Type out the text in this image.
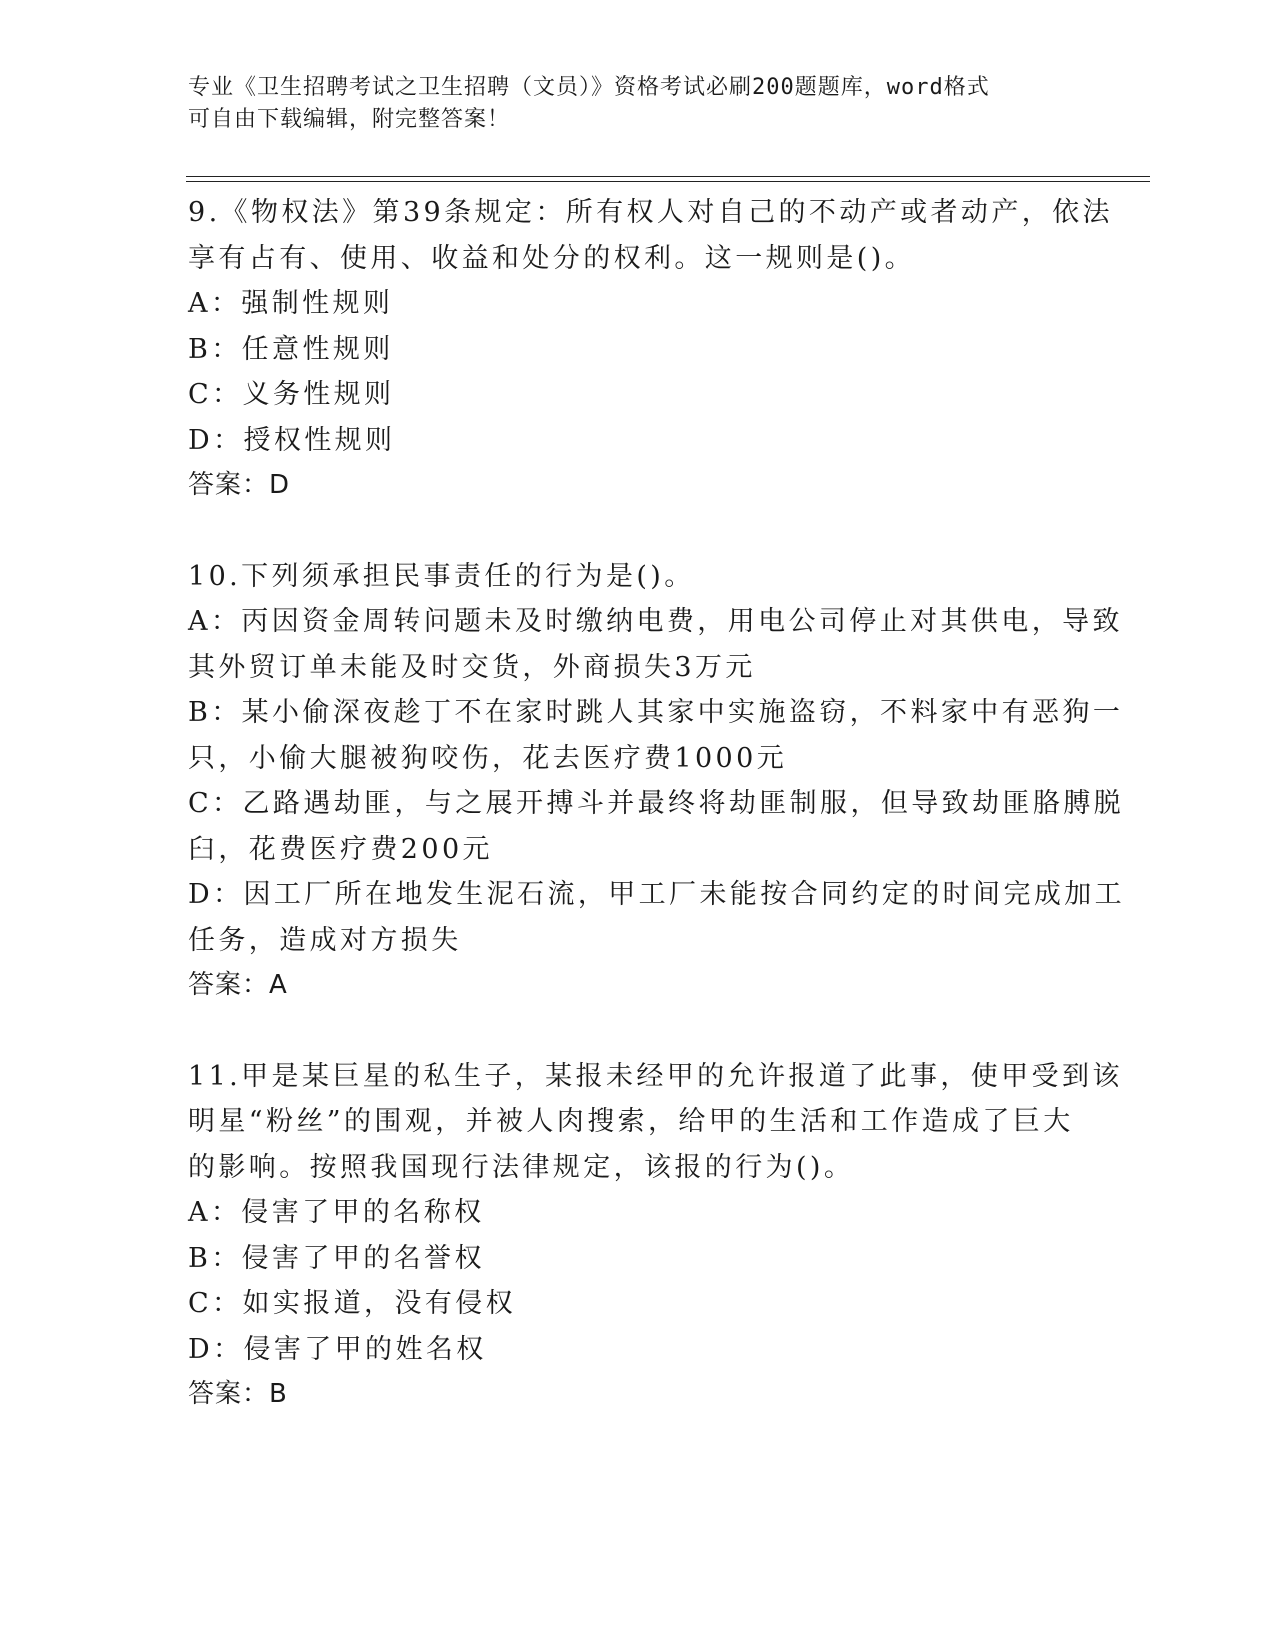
专业《卫生招聘考试之卫生招聘（文员）》资格考试必刷200题题库，word格式
可自由下载编辑，附完整答案！
9.《物权法》第39条规定：所有权人对自己的不动产或者动产，依法
享有占有、使用、收益和处分的权利。这一规则是()。
A：强制性规则
B：任意性规则
C：义务性规则
D：授权性规则
答案：D
10.下列须承担民事责任的行为是()。
A：丙因资金周转问题未及时缴纳电费，用电公司停止对其供电，导致
其外贸订单未能及时交货，外商损失3万元
B：某小偷深夜趁丁不在家时跳人其家中实施盗窃，不料家中有恶狗一
只，小偷大腿被狗咬伤，花去医疗费1000元
C：乙路遇劫匪，与之展开搏斗并最终将劫匪制服，但导致劫匪胳膊脱
臼，花费医疗费200元
D：因工厂所在地发生泥石流，甲工厂未能按合同约定的时间完成加工
任务，造成对方损失
答案：A
11.甲是某巨星的私生子，某报未经甲的允许报道了此事，使甲受到该
明星“粉丝”的围观，并被人肉搜索，给甲的生活和工作造成了巨大
的影响。按照我国现行法律规定，该报的行为()。
A：侵害了甲的名称权
B：侵害了甲的名誉权
C：如实报道，没有侵权
D：侵害了甲的姓名权
答案：B
